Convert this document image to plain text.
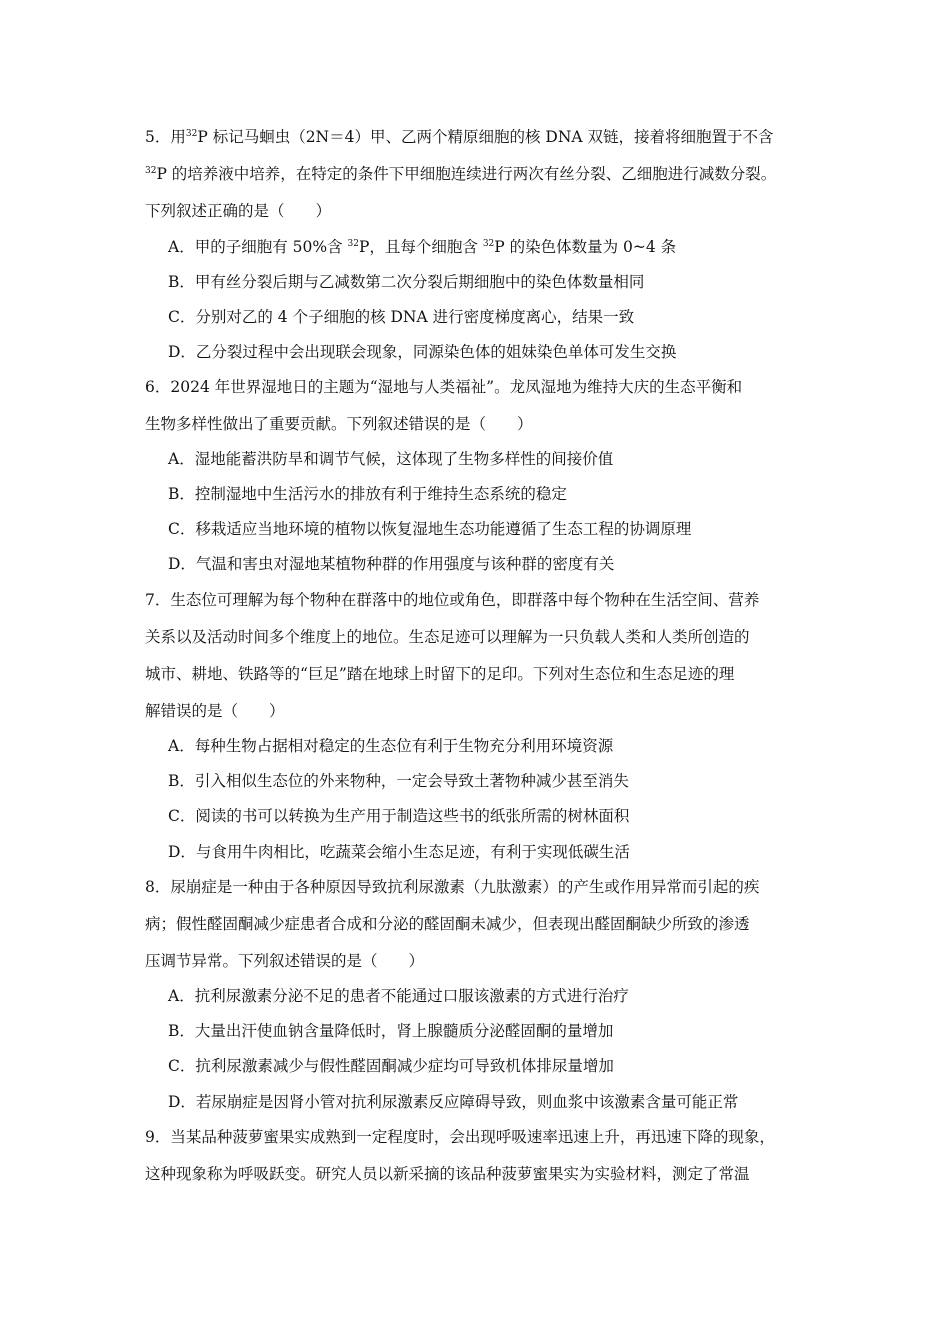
5．用$^{32}$P 标记马蛔虫（2N＝4）甲、乙两个精原细胞的核 DNA 双链，接着将细胞置于不含
$^{32}$P 的培养液中培养，在特定的条件下甲细胞连续进行两次有丝分裂、乙细胞进行减数分裂。
下列叙述正确的是（　　）
A．甲的子细胞有 50%含 $^{32}$P，且每个细胞含 $^{32}$P 的染色体数量为 0~4 条
B．甲有丝分裂后期与乙减数第二次分裂后期细胞中的染色体数量相同
C．分别对乙的 4 个子细胞的核 DNA 进行密度梯度离心，结果一致
D．乙分裂过程中会出现联会现象，同源染色体的姐妹染色单体可发生交换
6．2024 年世界湿地日的主题为“湿地与人类福祉”。龙凤湿地为维持大庆的生态平衡和
生物多样性做出了重要贡献。下列叙述错误的是（　　）
A．湿地能蓄洪防旱和调节气候，这体现了生物多样性的间接价值
B．控制湿地中生活污水的排放有利于维持生态系统的稳定
C．移栽适应当地环境的植物以恢复湿地生态功能遵循了生态工程的协调原理
D．气温和害虫对湿地某植物种群的作用强度与该种群的密度有关
7．生态位可理解为每个物种在群落中的地位或角色，即群落中每个物种在生活空间、营养
关系以及活动时间多个维度上的地位。生态足迹可以理解为一只负载人类和人类所创造的
城市、耕地、铁路等的“巨足”踏在地球上时留下的足印。下列对生态位和生态足迹的理
解错误的是（　　）
A．每种生物占据相对稳定的生态位有利于生物充分利用环境资源
B．引入相似生态位的外来物种，一定会导致土著物种减少甚至消失
C．阅读的书可以转换为生产用于制造这些书的纸张所需的树林面积
D．与食用牛肉相比，吃蔬菜会缩小生态足迹，有利于实现低碳生活
8．尿崩症是一种由于各种原因导致抗利尿激素（九肽激素）的产生或作用异常而引起的疾
病；假性醛固酮减少症患者合成和分泌的醛固酮未减少，但表现出醛固酮缺少所致的渗透
压调节异常。下列叙述错误的是（　　）
A．抗利尿激素分泌不足的患者不能通过口服该激素的方式进行治疗
B．大量出汗使血钠含量降低时，肾上腺髓质分泌醛固酮的量增加
C．抗利尿激素减少与假性醛固酮减少症均可导致机体排尿量增加
D．若尿崩症是因肾小管对抗利尿激素反应障碍导致，则血浆中该激素含量可能正常
9．当某品种菠萝蜜果实成熟到一定程度时，会出现呼吸速率迅速上升，再迅速下降的现象，
这种现象称为呼吸跃变。研究人员以新采摘的该品种菠萝蜜果实为实验材料，测定了常温
